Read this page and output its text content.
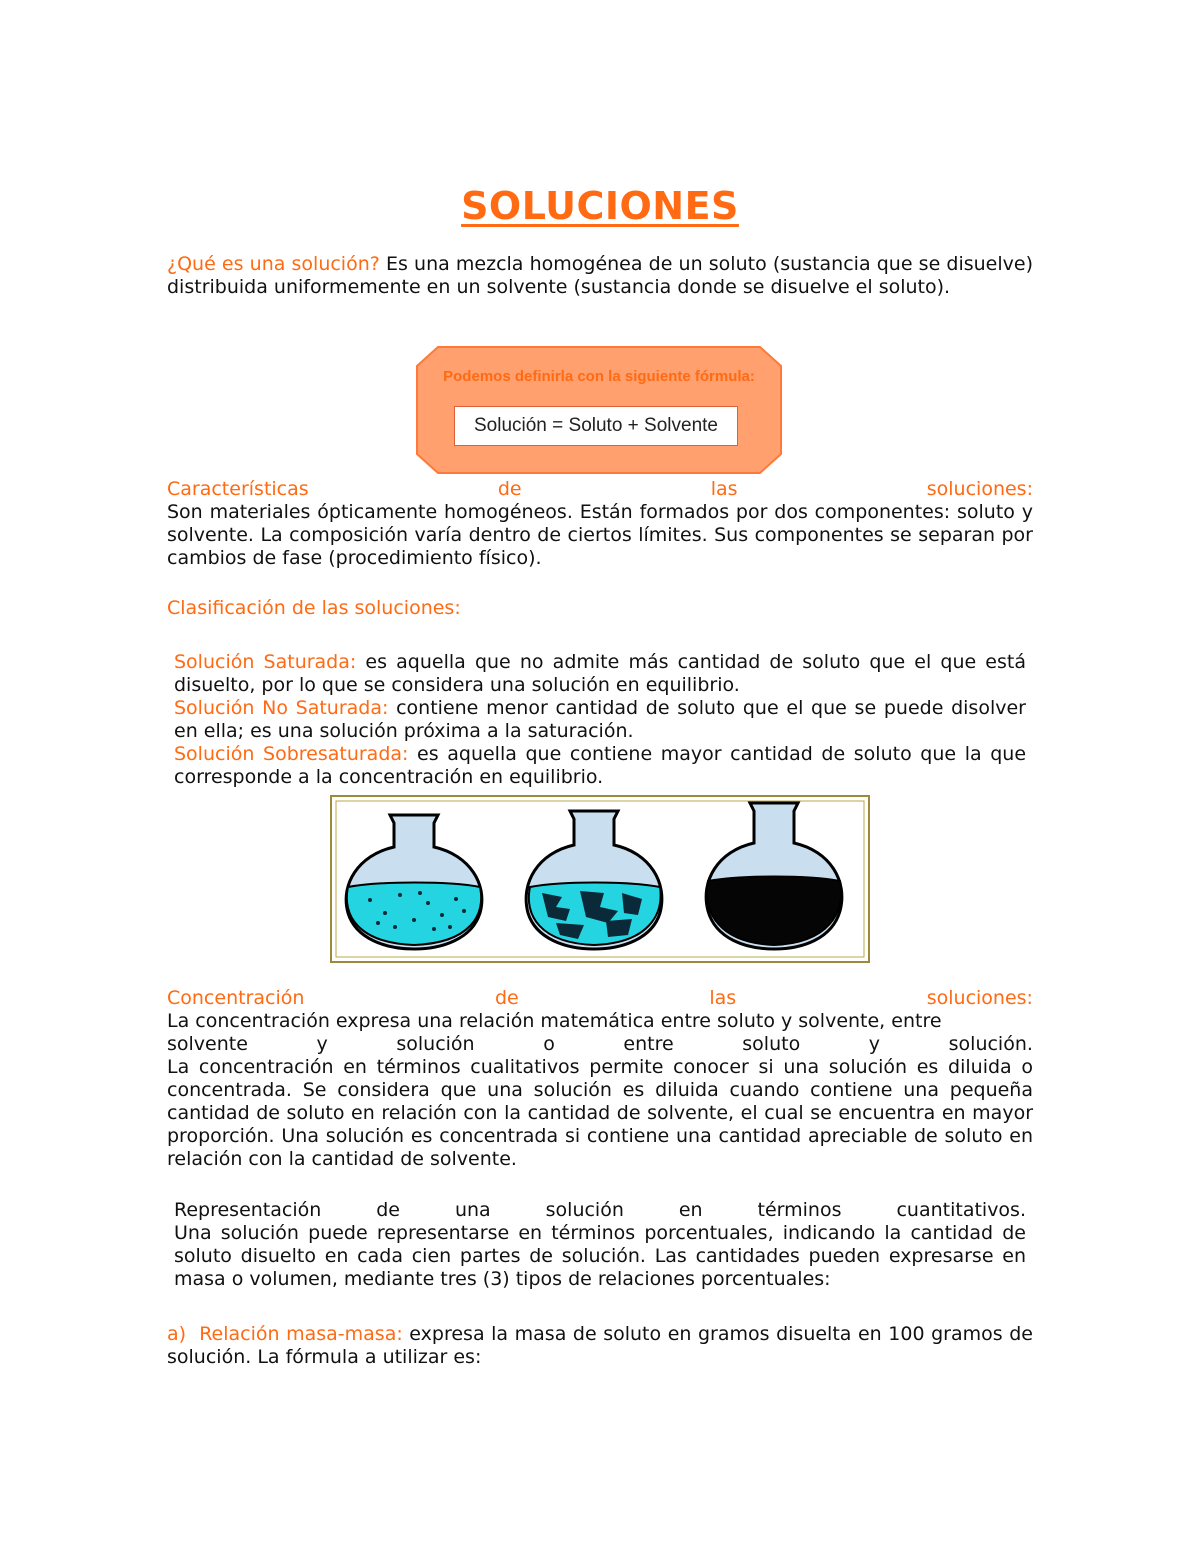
SOLUCIONES

¿Qué es una solución? Es una mezcla homogénea de un soluto (sustancia que se disuelve) distribuida uniformemente en un solvente (sustancia donde se disuelve el soluto).

Podemos definirla con la siguiente fórmula:
Solución = Soluto + Solvente
Características	de	las	soluciones:
Son materiales ópticamente homogéneos. Están formados por dos componentes: soluto y solvente. La composición varía dentro de ciertos límites. Sus componentes se separan por cambios de fase (procedimiento físico).
Clasificación de las soluciones:

Solución Saturada: es aquella que no admite más cantidad de soluto que el que está disuelto, por lo que se considera una solución en equilibrio.
Solución No Saturada: contiene menor cantidad de soluto que el que se puede disolver en ella; es una solución próxima a la saturación.
Solución Sobresaturada: es aquella que contiene mayor cantidad de soluto que la que corresponde a la concentración en equilibrio.

Concentración	de	las	soluciones:
La concentración expresa una relación matemática entre soluto y solvente, entre
solvente	y	solución	o	entre	soluto	y	solución.
La concentración en términos cualitativos permite conocer si una solución es diluida o concentrada. Se considera que una solución es diluida cuando contiene una pequeña cantidad de soluto en relación con la cantidad de solvente, el cual se encuentra en mayor proporción. Una solución es concentrada si contiene una cantidad apreciable de soluto en relación con la cantidad de solvente.
Representación	de	una	solución	en	términos	cuantitativos.
Una solución puede representarse en términos porcentuales, indicando la cantidad de soluto disuelto en cada cien partes de solución. Las cantidades pueden expresarse en masa o volumen, mediante tres (3) tipos de relaciones porcentuales:

a) Relación masa-masa: expresa la masa de soluto en gramos disuelta en 100 gramos de solución. La fórmula a utilizar es:
